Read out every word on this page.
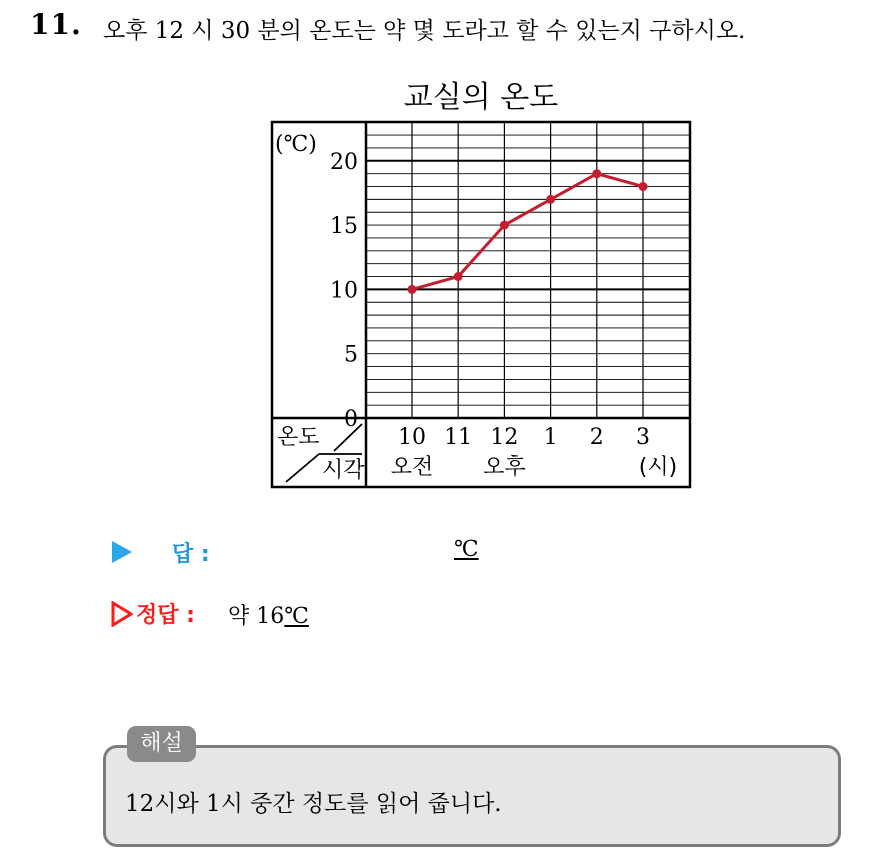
11. 오후 12 시 30 분의 온도는 약 몇 도라고 할 수 있는지 구하시오.
교실의 온도
0
5
10
15
20
(℃)
온도
시각
10 11 12 1 2 3
오전 오후	(시)
답 :	℃
정답 : 약 16℃
해설
12시와 1시 중간 정도를 읽어 줍니다.
